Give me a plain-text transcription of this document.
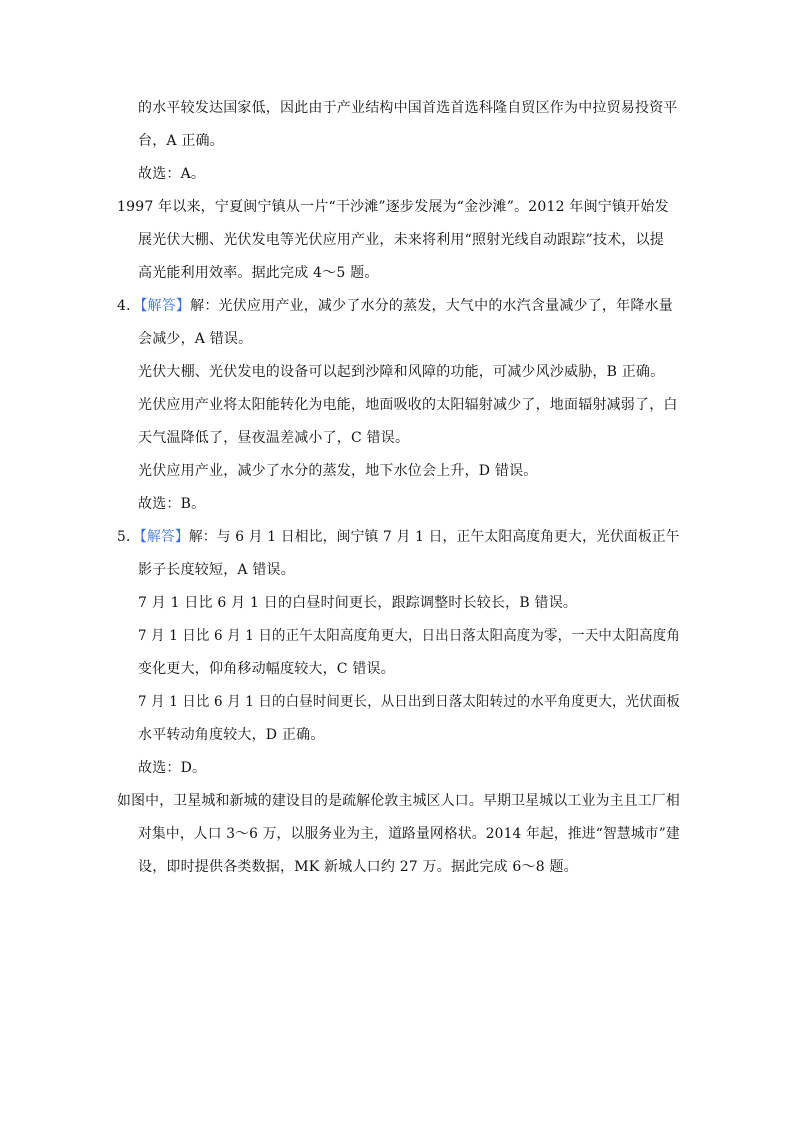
的水平较发达国家低，因此由于产业结构中国首选首选科隆自贸区作为中拉贸易投资平
台，A 正确。
故选：A。
1997 年以来，宁夏闽宁镇从一片“干沙滩”逐步发展为“金沙滩”。2012 年闽宁镇开始发
展光伏大棚、光伏发电等光伏应用产业，未来将利用“照射光线自动跟踪”技术，以提
高光能利用效率。据此完成 4～5 题。
4．【解答】解：光伏应用产业，减少了水分的蒸发，大气中的水汽含量减少了，年降水量
会减少，A 错误。
光伏大棚、光伏发电的设备可以起到沙障和风障的功能，可减少风沙威胁，B 正确。
光伏应用产业将太阳能转化为电能，地面吸收的太阳辐射减少了，地面辐射减弱了，白
天气温降低了，昼夜温差减小了，C 错误。
光伏应用产业，减少了水分的蒸发，地下水位会上升，D 错误。
故选：B。
5．【解答】解：与 6 月 1 日相比，闽宁镇 7 月 1 日，正午太阳高度角更大，光伏面板正午
影子长度较短，A 错误。
7 月 1 日比 6 月 1 日的白昼时间更长，跟踪调整时长较长，B 错误。
7 月 1 日比 6 月 1 日的正午太阳高度角更大，日出日落太阳高度为零，一天中太阳高度角
变化更大，仰角移动幅度较大，C 错误。
7 月 1 日比 6 月 1 日的白昼时间更长，从日出到日落太阳转过的水平角度更大，光伏面板
水平转动角度较大，D 正确。
故选：D。
如图中，卫星城和新城的建设目的是疏解伦敦主城区人口。早期卫星城以工业为主且工厂相
对集中，人口 3～6 万，以服务业为主，道路量网格状。2014 年起，推进“智慧城市”建
设，即时提供各类数据，MK 新城人口约 27 万。据此完成 6～8 题。
